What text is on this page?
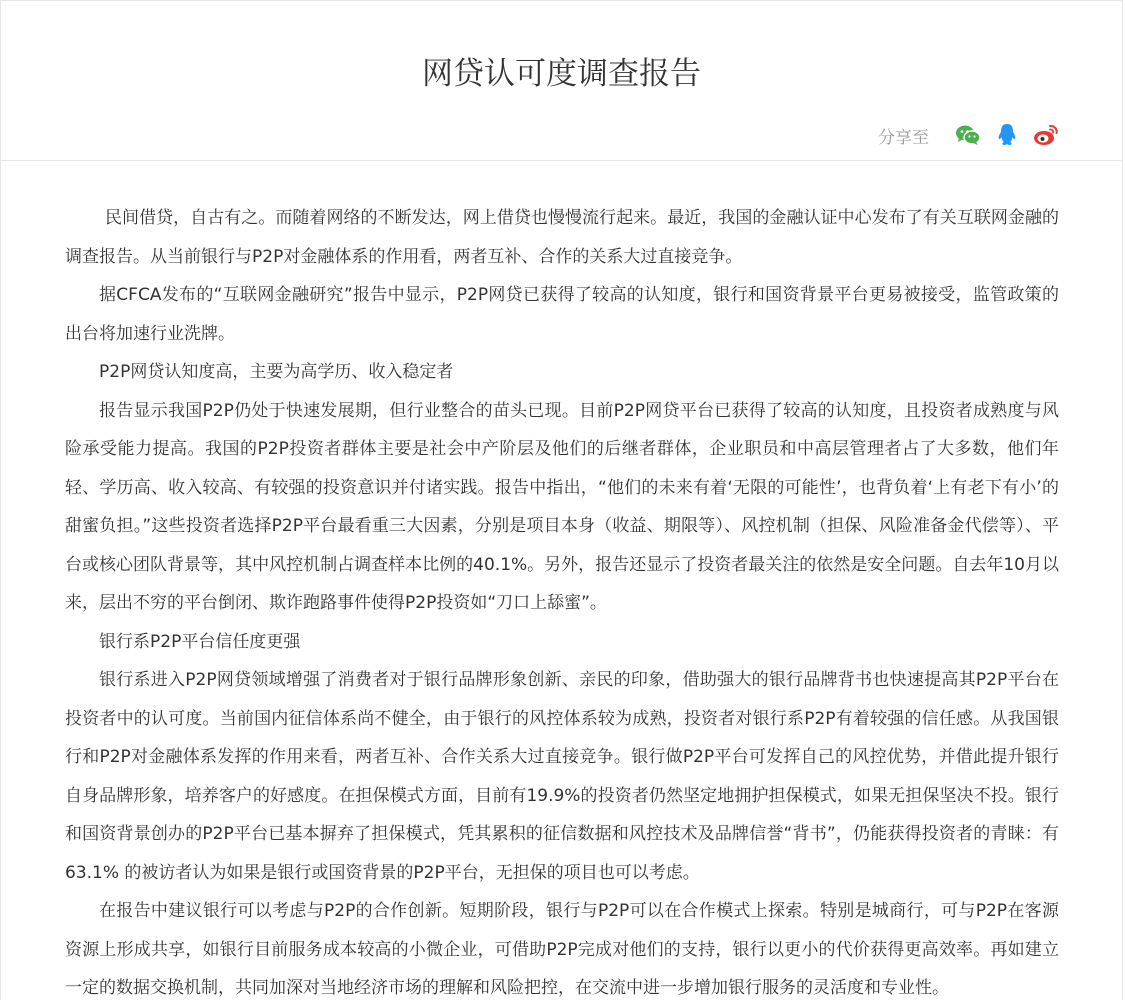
网贷认可度调查报告
分享至

民间借贷，自古有之。而随着网络的不断发达，网上借贷也慢慢流行起来。最近，我国的金融认证中心发布了有关互联网金融的调查报告。从当前银行与P2P对金融体系的作用看，两者互补、合作的关系大过直接竞争。

据CFCA发布的“互联网金融研究”报告中显示，P2P网贷已获得了较高的认知度，银行和国资背景平台更易被接受，监管政策的出台将加速行业洗牌。

P2P网贷认知度高，主要为高学历、收入稳定者

报告显示我国P2P仍处于快速发展期，但行业整合的苗头已现。目前P2P网贷平台已获得了较高的认知度，且投资者成熟度与风险承受能力提高。我国的P2P投资者群体主要是社会中产阶层及他们的后继者群体，企业职员和中高层管理者占了大多数，他们年轻、学历高、收入较高、有较强的投资意识并付诸实践。报告中指出，“他们的未来有着‘无限的可能性’，也背负着‘上有老下有小’的甜蜜负担。”这些投资者选择P2P平台最看重三大因素，分别是项目本身（收益、期限等）、风控机制（担保、风险准备金代偿等）、平台或核心团队背景等，其中风控机制占调查样本比例的40.1%。另外，报告还显示了投资者最关注的依然是安全问题。自去年10月以来，层出不穷的平台倒闭、欺诈跑路事件使得P2P投资如“刀口上舔蜜”。

银行系P2P平台信任度更强

银行系进入P2P网贷领域增强了消费者对于银行品牌形象创新、亲民的印象，借助强大的银行品牌背书也快速提高其P2P平台在投资者中的认可度。当前国内征信体系尚不健全，由于银行的风控体系较为成熟，投资者对银行系P2P有着较强的信任感。从我国银行和P2P对金融体系发挥的作用来看，两者互补、合作关系大过直接竞争。银行做P2P平台可发挥自己的风控优势，并借此提升银行自身品牌形象，培养客户的好感度。在担保模式方面，目前有19.9%的投资者仍然坚定地拥护担保模式，如果无担保坚决不投。银行和国资背景创办的P2P平台已基本摒弃了担保模式，凭其累积的征信数据和风控技术及品牌信誉“背书”，仍能获得投资者的青睐：有63.1% 的被访者认为如果是银行或国资背景的P2P平台，无担保的项目也可以考虑。

在报告中建议银行可以考虑与P2P的合作创新。短期阶段，银行与P2P可以在合作模式上探索。特别是城商行，可与P2P在客源资源上形成共享，如银行目前服务成本较高的小微企业，可借助P2P完成对他们的支持，银行以更小的代价获得更高效率。再如建立一定的数据交换机制，共同加深对当地经济市场的理解和风险把控，在交流中进一步增加银行服务的灵活度和专业性。
